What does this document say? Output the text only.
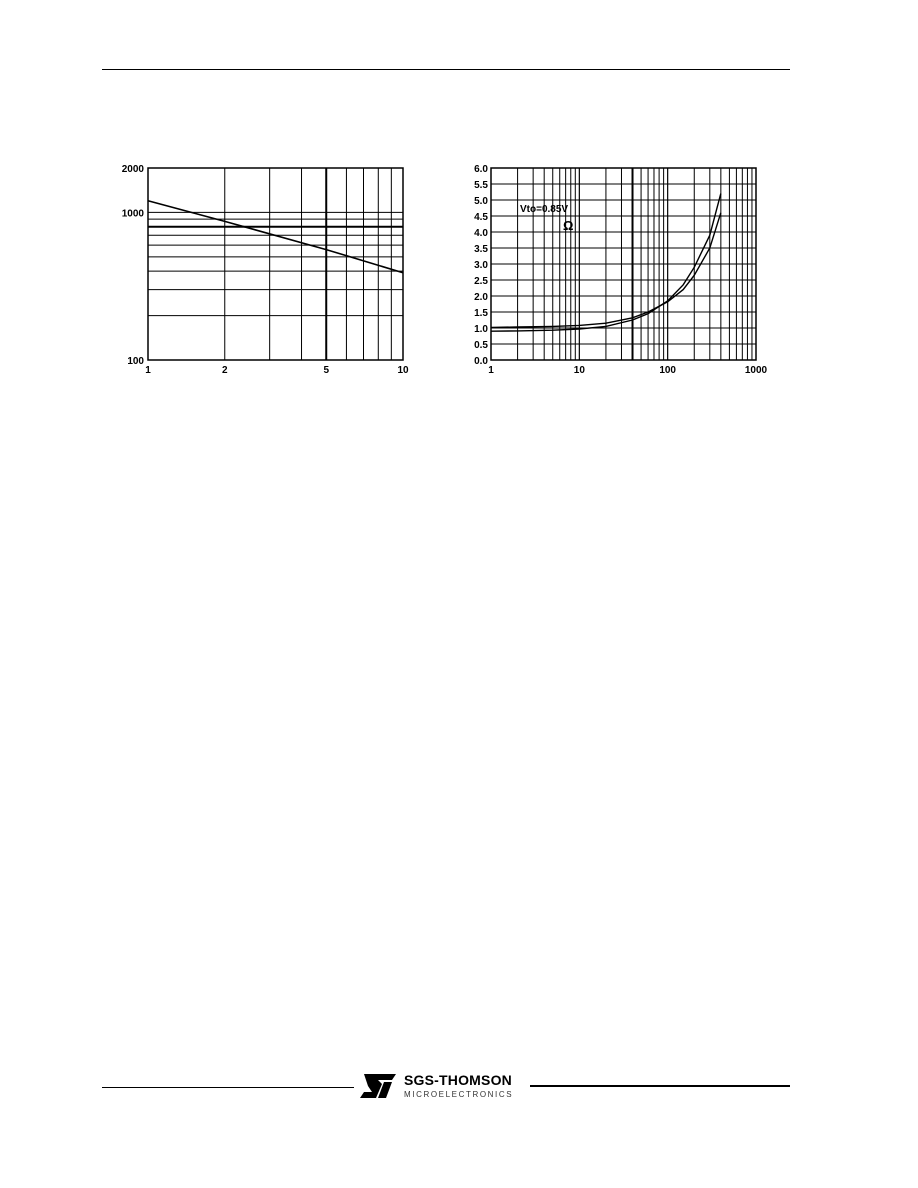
2000
1000
100
1	2	5	10
0.0
0.5
1.0
1.5
2.0
2.5
3.0
3.5
4.0
4.5
5.0
5.5
6.0
1	10	100	1000
Vto=0.85V
Ω
SGS-THOMSON
MICROELECTRONICS
